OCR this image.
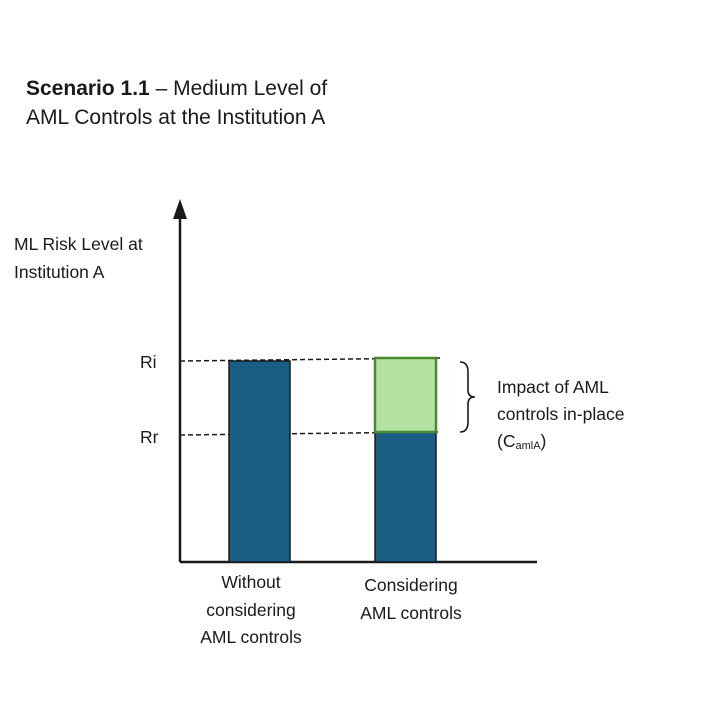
Scenario 1.1 – Medium Level of
AML Controls at the Institution A
ML Risk Level at
Institution A
Ri
Rr
Impact of AML
controls in-place
(CamlA)
Without
considering
AML controls
Considering
AML controls
